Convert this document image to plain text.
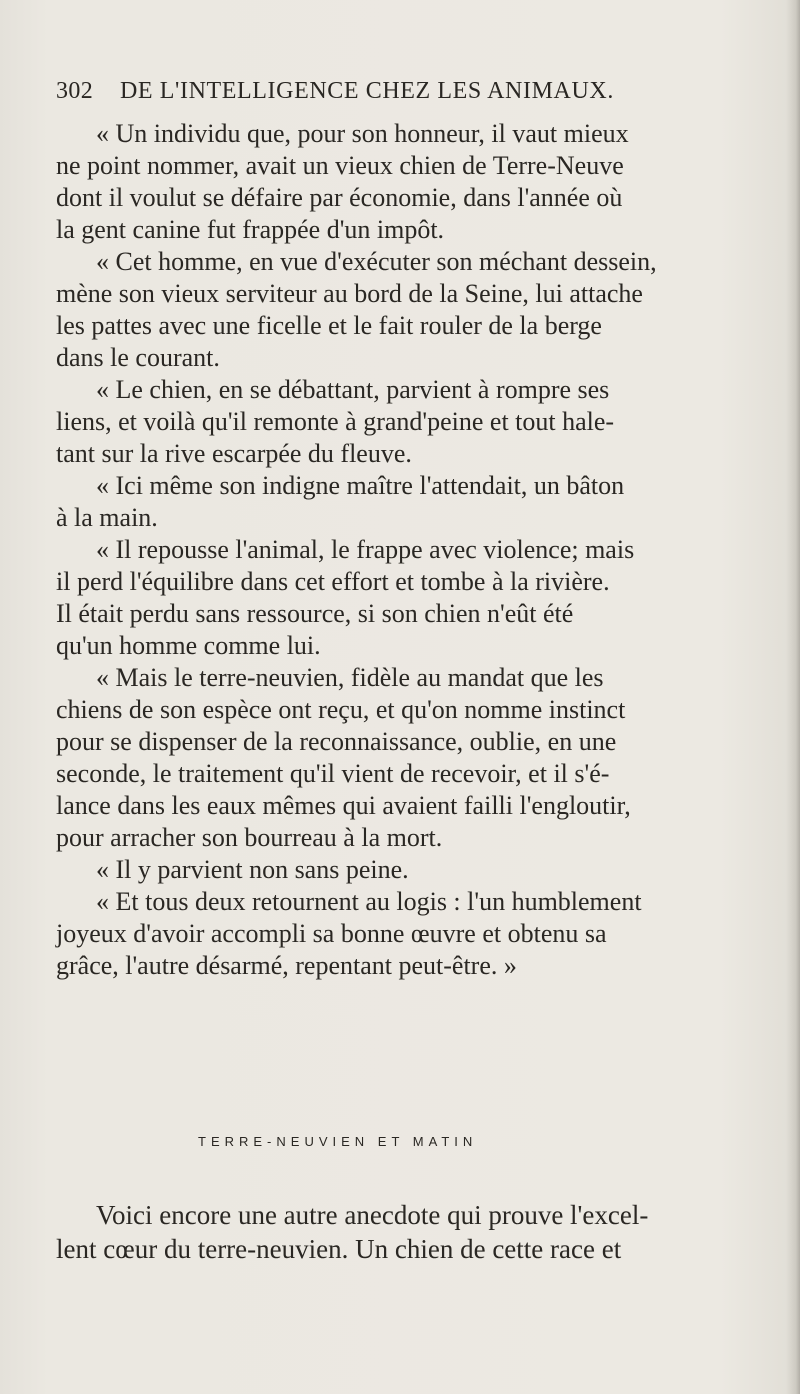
302 DE L'INTELLIGENCE CHEZ LES ANIMAUX.
« Un individu que, pour son honneur, il vaut mieux
ne point nommer, avait un vieux chien de Terre-Neuve
dont il voulut se défaire par économie, dans l'année où
la gent canine fut frappée d'un impôt.
« Cet homme, en vue d'exécuter son méchant dessein,
mène son vieux serviteur au bord de la Seine, lui attache
les pattes avec une ficelle et le fait rouler de la berge
dans le courant.
« Le chien, en se débattant, parvient à rompre ses
liens, et voilà qu'il remonte à grand'peine et tout hale-
tant sur la rive escarpée du fleuve.
« Ici même son indigne maître l'attendait, un bâton
à la main.
« Il repousse l'animal, le frappe avec violence; mais
il perd l'équilibre dans cet effort et tombe à la rivière.
Il était perdu sans ressource, si son chien n'eût été
qu'un homme comme lui.
« Mais le terre-neuvien, fidèle au mandat que les
chiens de son espèce ont reçu, et qu'on nomme instinct
pour se dispenser de la reconnaissance, oublie, en une
seconde, le traitement qu'il vient de recevoir, et il s'é-
lance dans les eaux mêmes qui avaient failli l'engloutir,
pour arracher son bourreau à la mort.
« Il y parvient non sans peine.
« Et tous deux retournent au logis : l'un humblement
joyeux d'avoir accompli sa bonne œuvre et obtenu sa
grâce, l'autre désarmé, repentant peut-être. »
TERRE-NEUVIEN ET MATIN
Voici encore une autre anecdote qui prouve l'excel-
lent cœur du terre-neuvien. Un chien de cette race et
